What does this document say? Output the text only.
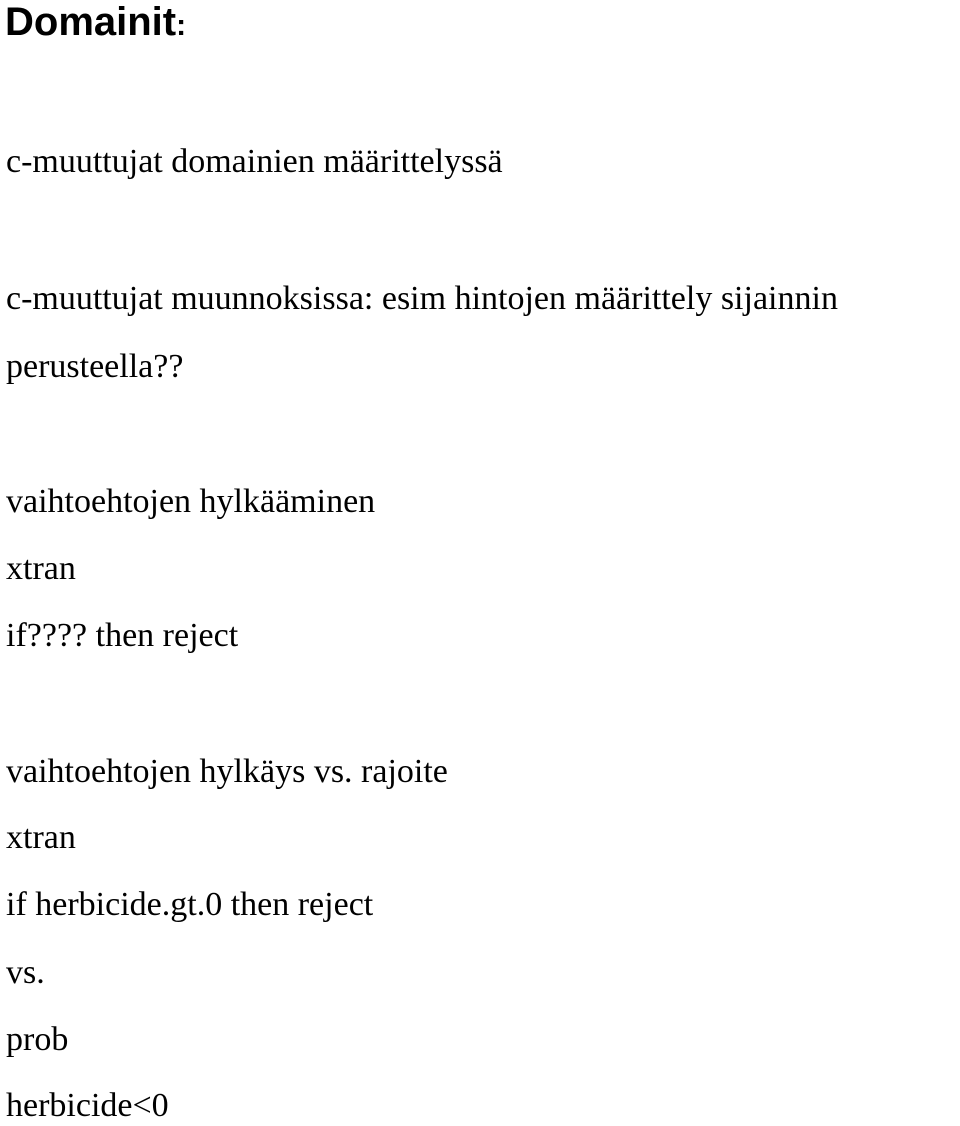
Domainit:

c-muuttujat domainien määrittelyssä

c-muuttujat muunnoksissa: esim hintojen määrittely sijainnin

perusteella??

vaihtoehtojen hylkääminen

xtran

if???? then reject

vaihtoehtojen hylkäys vs. rajoite

xtran

if herbicide.gt.0 then reject

vs.

prob

herbicide<0
